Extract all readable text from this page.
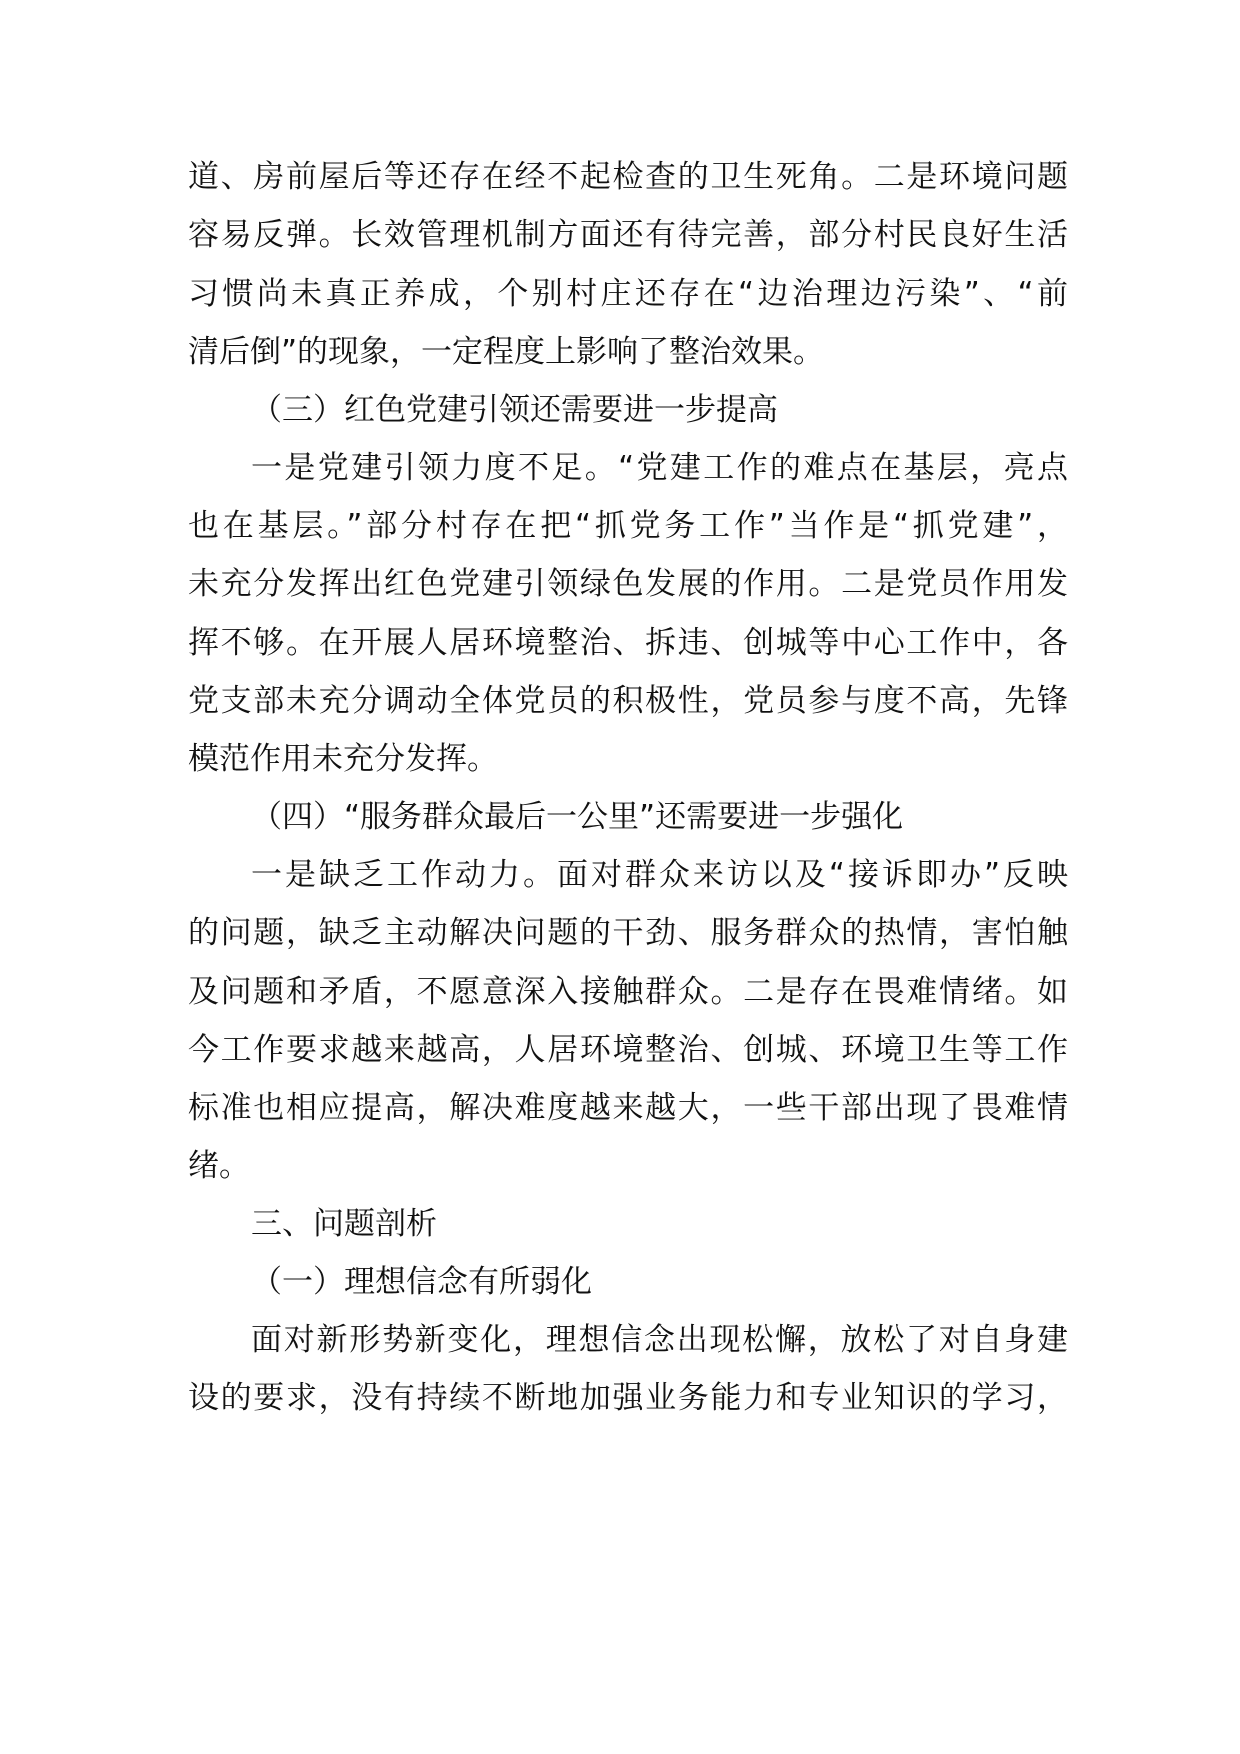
道、房前屋后等还存在经不起检查的卫生死角。二是环境问题
容易反弹。长效管理机制方面还有待完善，部分村民良好生活
习惯尚未真正养成，个别村庄还存在“边治理边污染”、“前
清后倒”的现象，一定程度上影响了整治效果。
（三）红色党建引领还需要进一步提高
一是党建引领力度不足。“党建工作的难点在基层，亮点
也在基层。”部分村存在把“抓党务工作”当作是“抓党建”，
未充分发挥出红色党建引领绿色发展的作用。二是党员作用发
挥不够。在开展人居环境整治、拆违、创城等中心工作中，各
党支部未充分调动全体党员的积极性，党员参与度不高，先锋
模范作用未充分发挥。
（四）“服务群众最后一公里”还需要进一步强化
一是缺乏工作动力。面对群众来访以及“接诉即办”反映
的问题，缺乏主动解决问题的干劲、服务群众的热情，害怕触
及问题和矛盾，不愿意深入接触群众。二是存在畏难情绪。如
今工作要求越来越高，人居环境整治、创城、环境卫生等工作
标准也相应提高，解决难度越来越大，一些干部出现了畏难情
绪。
三、问题剖析
（一）理想信念有所弱化
面对新形势新变化，理想信念出现松懈，放松了对自身建
设的要求，没有持续不断地加强业务能力和专业知识的学习，
